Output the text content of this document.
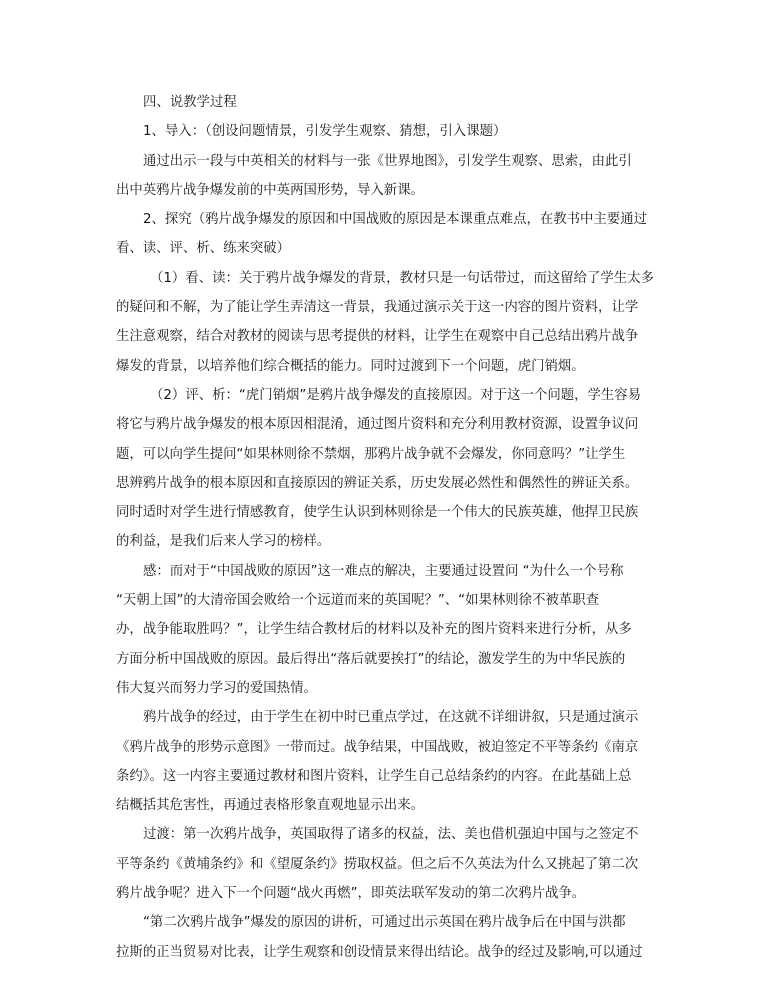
四、说教学过程

1、导入：（创设问题情景，引发学生观察、猜想，引入课题）

通过出示一段与中英相关的材料与一张《世界地图》，引发学生观察、思索，由此引
出中英鸦片战争爆发前的中英两国形势，导入新课。
2、探究（鸦片战争爆发的原因和中国战败的原因是本课重点难点，在教书中主要通过
看、读、评、析、练来突破）
（1）看、读：关于鸦片战争爆发的背景，教材只是一句话带过，而这留给了学生太多
的疑问和不解，为了能让学生弄清这一背景，我通过演示关于这一内容的图片资料，让学
生注意观察，结合对教材的阅读与思考提供的材料，让学生在观察中自己总结出鸦片战争
爆发的背景，以培养他们综合概括的能力。同时过渡到下一个问题，虎门销烟。
（2）评、析：“虎门销烟”是鸦片战争爆发的直接原因。对于这一个问题，学生容易
将它与鸦片战争爆发的根本原因相混淆，通过图片资料和充分利用教材资源，设置争议问
题，可以向学生提问“如果林则徐不禁烟，那鸦片战争就不会爆发，你同意吗？”让学生
思辨鸦片战争的根本原因和直接原因的辨证关系，历史发展必然性和偶然性的辨证关系。
同时适时对学生进行情感教育，使学生认识到林则徐是一个伟大的民族英雄，他捍卫民族
的利益，是我们后来人学习的榜样。
感：而对于“中国战败的原因”这一难点的解决，主要通过设置问 “为什么一个号称
“天朝上国”的大清帝国会败给一个远道而来的英国呢？”、“如果林则徐不被革职查
办，战争能取胜吗？”，让学生结合教材后的材料以及补充的图片资料来进行分析，从多
方面分析中国战败的原因。最后得出“落后就要挨打”的结论，激发学生的为中华民族的
伟大复兴而努力学习的爱国热情。
鸦片战争的经过，由于学生在初中时已重点学过，在这就不详细讲叙，只是通过演示
《鸦片战争的形势示意图》一带而过。战争结果，中国战败，被迫签定不平等条约《南京
条约》。这一内容主要通过教材和图片资料，让学生自己总结条约的内容。在此基础上总
结概括其危害性，再通过表格形象直观地显示出来。
过渡：第一次鸦片战争，英国取得了诸多的权益，法、美也借机强迫中国与之签定不
平等条约《黄埔条约》和《望厦条约》捞取权益。但之后不久英法为什么又挑起了第二次
鸦片战争呢？进入下一个问题“战火再燃”，即英法联军发动的第二次鸦片战争。
“第二次鸦片战争”爆发的原因的讲析，可通过出示英国在鸦片战争后在中国与洪都
拉斯的正当贸易对比表，让学生观察和创设情景来得出结论。战争的经过及影响,可以通过
